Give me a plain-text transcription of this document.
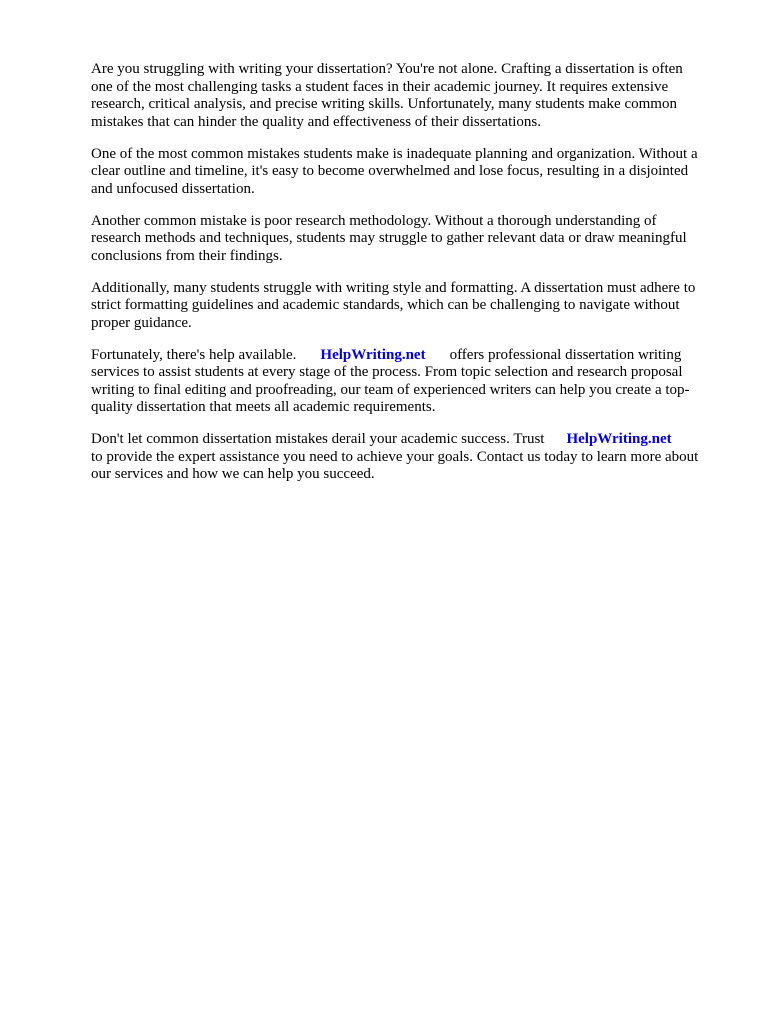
Are you struggling with writing your dissertation? You're not alone. Crafting a dissertation is often
one of the most challenging tasks a student faces in their academic journey. It requires extensive
research, critical analysis, and precise writing skills. Unfortunately, many students make common
mistakes that can hinder the quality and effectiveness of their dissertations.

One of the most common mistakes students make is inadequate planning and organization. Without a
clear outline and timeline, it's easy to become overwhelmed and lose focus, resulting in a disjointed
and unfocused dissertation.

Another common mistake is poor research methodology. Without a thorough understanding of
research methods and techniques, students may struggle to gather relevant data or draw meaningful
conclusions from their findings.

Additionally, many students struggle with writing style and formatting. A dissertation must adhere to
strict formatting guidelines and academic standards, which can be challenging to navigate without
proper guidance.

Fortunately, there's help available. HelpWriting.net offers professional dissertation writing
services to assist students at every stage of the process. From topic selection and research proposal
writing to final editing and proofreading, our team of experienced writers can help you create a top-
quality dissertation that meets all academic requirements.

Don't let common dissertation mistakes derail your academic success. Trust HelpWriting.net
to provide the expert assistance you need to achieve your goals. Contact us today to learn more about
our services and how we can help you succeed.
